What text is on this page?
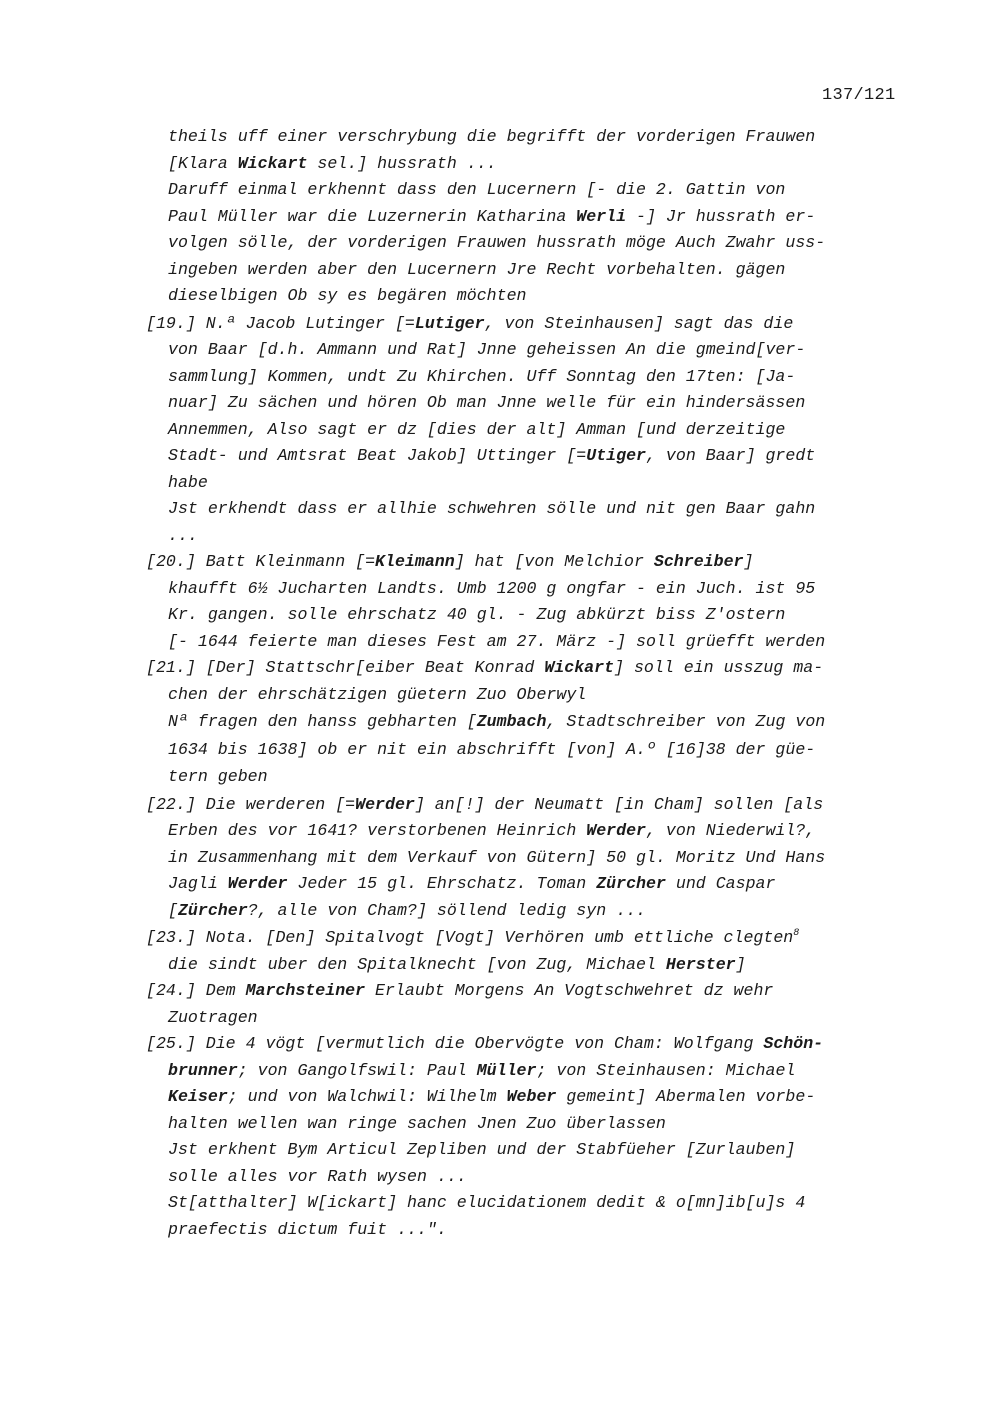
137/121
theils uff einer verschrybung die begrifft der vorderigen Frauwen
[Klara Wickart sel.] hussrath ...
Daruff einmal erkhennt dass den Lucernern [- die 2. Gattin von
Paul Müller war die Luzernerin Katharina Werli -] Jr hussrath er-
volgen sölle, der vorderigen Frauwen hussrath möge Auch Zwahr uss-
ingeben werden aber den Lucernern Jre Recht vorbehalten. gägen
dieselbigen Ob sy es begären möchten
[19.] N.ª Jacob Lutinger [=Lutiger, von Steinhausen] sagt das die
von Baar [d.h. Ammann und Rat] Jnne geheissen An die gmeind[ver-
sammlung] Kommen, undt Zu Khirchen. Uff Sonntag den 17ten: [Ja-
nuar] Zu sächen und hören Ob man Jnne welle für ein hindersässen
Annemmen, Also sagt er dz [dies der alt] Amman [und derzeitige
Stadt- und Amtsrat Beat Jakob] Uttinger [=Utiger, von Baar] gredt
habe
Jst erkhendt dass er allhie schwehren sölle und nit gen Baar gahn
...
[20.] Batt Kleinmann [=Kleimann] hat [von Melchior Schreiber]
khaufft 6½ Jucharten Landts. Umb 1200 g ongfar - ein Juch. ist 95
Kr. gangen. solle ehrschatz 40 gl. - Zug abkürzt biss Z'ostern
[- 1644 feierte man dieses Fest am 27. März -] soll grüefft werden
[21.] [Der] Stattschr[eiber Beat Konrad Wickart] soll ein usszug ma-
chen der ehrschätzigen güetern Zuo Oberwyl
Nª fragen den hanss gebharten [Zumbach, Stadtschreiber von Zug von
1634 bis 1638] ob er nit ein abschrifft [von] A.º [16]38 der güe-
tern geben
[22.] Die werderen [=Werder] an[!] der Neumatt [in Cham] sollen [als
Erben des vor 1641? verstorbenen Heinrich Werder, von Niederwil?,
in Zusammenhang mit dem Verkauf von Gütern] 50 gl. Moritz Und Hans
Jagli Werder Jeder 15 gl. Ehrschatz. Toman Zürcher und Caspar
[Zürcher?, alle von Cham?] söllend ledig syn ...
[23.] Nota. [Den] Spitalvogt [Vogt] Verhören umb ettliche clegten$^8$
die sindt uber den Spitalknecht [von Zug, Michael Herster]
[24.] Dem Marchsteiner Erlaubt Morgens An Vogtschwehret dz wehr
Zuotragen
[25.] Die 4 vögt [vermutlich die Obervögte von Cham: Wolfgang Schön-
brunner; von Gangolfswil: Paul Müller; von Steinhausen: Michael
Keiser; und von Walchwil: Wilhelm Weber gemeint] Abermalen vorbe-
halten wellen wan ringe sachen Jnen Zuo überlassen
Jst erkhent Bym Articul Zepliben und der Stabfüeher [Zurlauben]
solle alles vor Rath wysen ...
St[atthalter] W[ickart] hanc elucidationem dedit & o[mn]ib[u]s 4
praefectis dictum fuit ...".
